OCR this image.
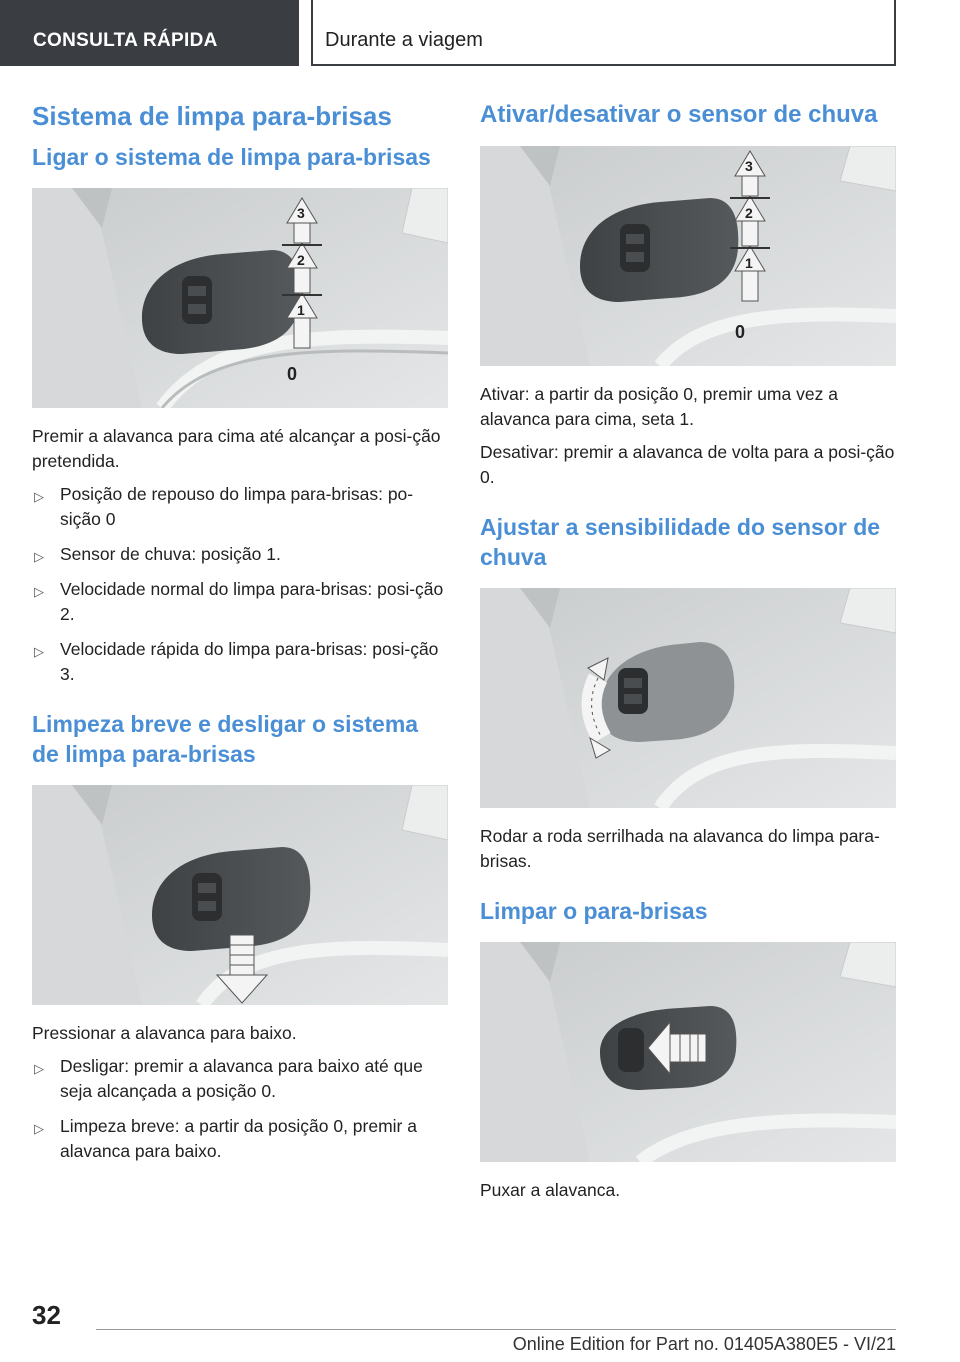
CONSULTA RÁPIDA	Durante a viagem
Sistema de limpa para-brisas
Ligar o sistema de limpa para-brisas
3
2
1
0

Premir a alavanca para cima até alcançar a posi-ção pretendida.

▷ Posição de repouso do limpa para-brisas: po-sição 0
▷ Sensor de chuva: posição 1.
▷ Velocidade normal do limpa para-brisas: posi-ção 2.
▷ Velocidade rápida do limpa para-brisas: posi-ção 3.
Limpeza breve e desligar o sistema de limpa para-brisas

Pressionar a alavanca para baixo.

▷ Desligar: premir a alavanca para baixo até que seja alcançada a posição 0.
▷ Limpeza breve: a partir da posição 0, premir a alavanca para baixo.
Ativar/desativar o sensor de chuva
3
2
1
0

Ativar: a partir da posição 0, premir uma vez a alavanca para cima, seta 1.

Desativar: premir a alavanca de volta para a posi-ção 0.

Ajustar a sensibilidade do sensor de chuva

Rodar a roda serrilhada na alavanca do limpa para-brisas.

Limpar o para-brisas

Puxar a alavanca.

32
Online Edition for Part no. 01405A380E5 - VI/21
